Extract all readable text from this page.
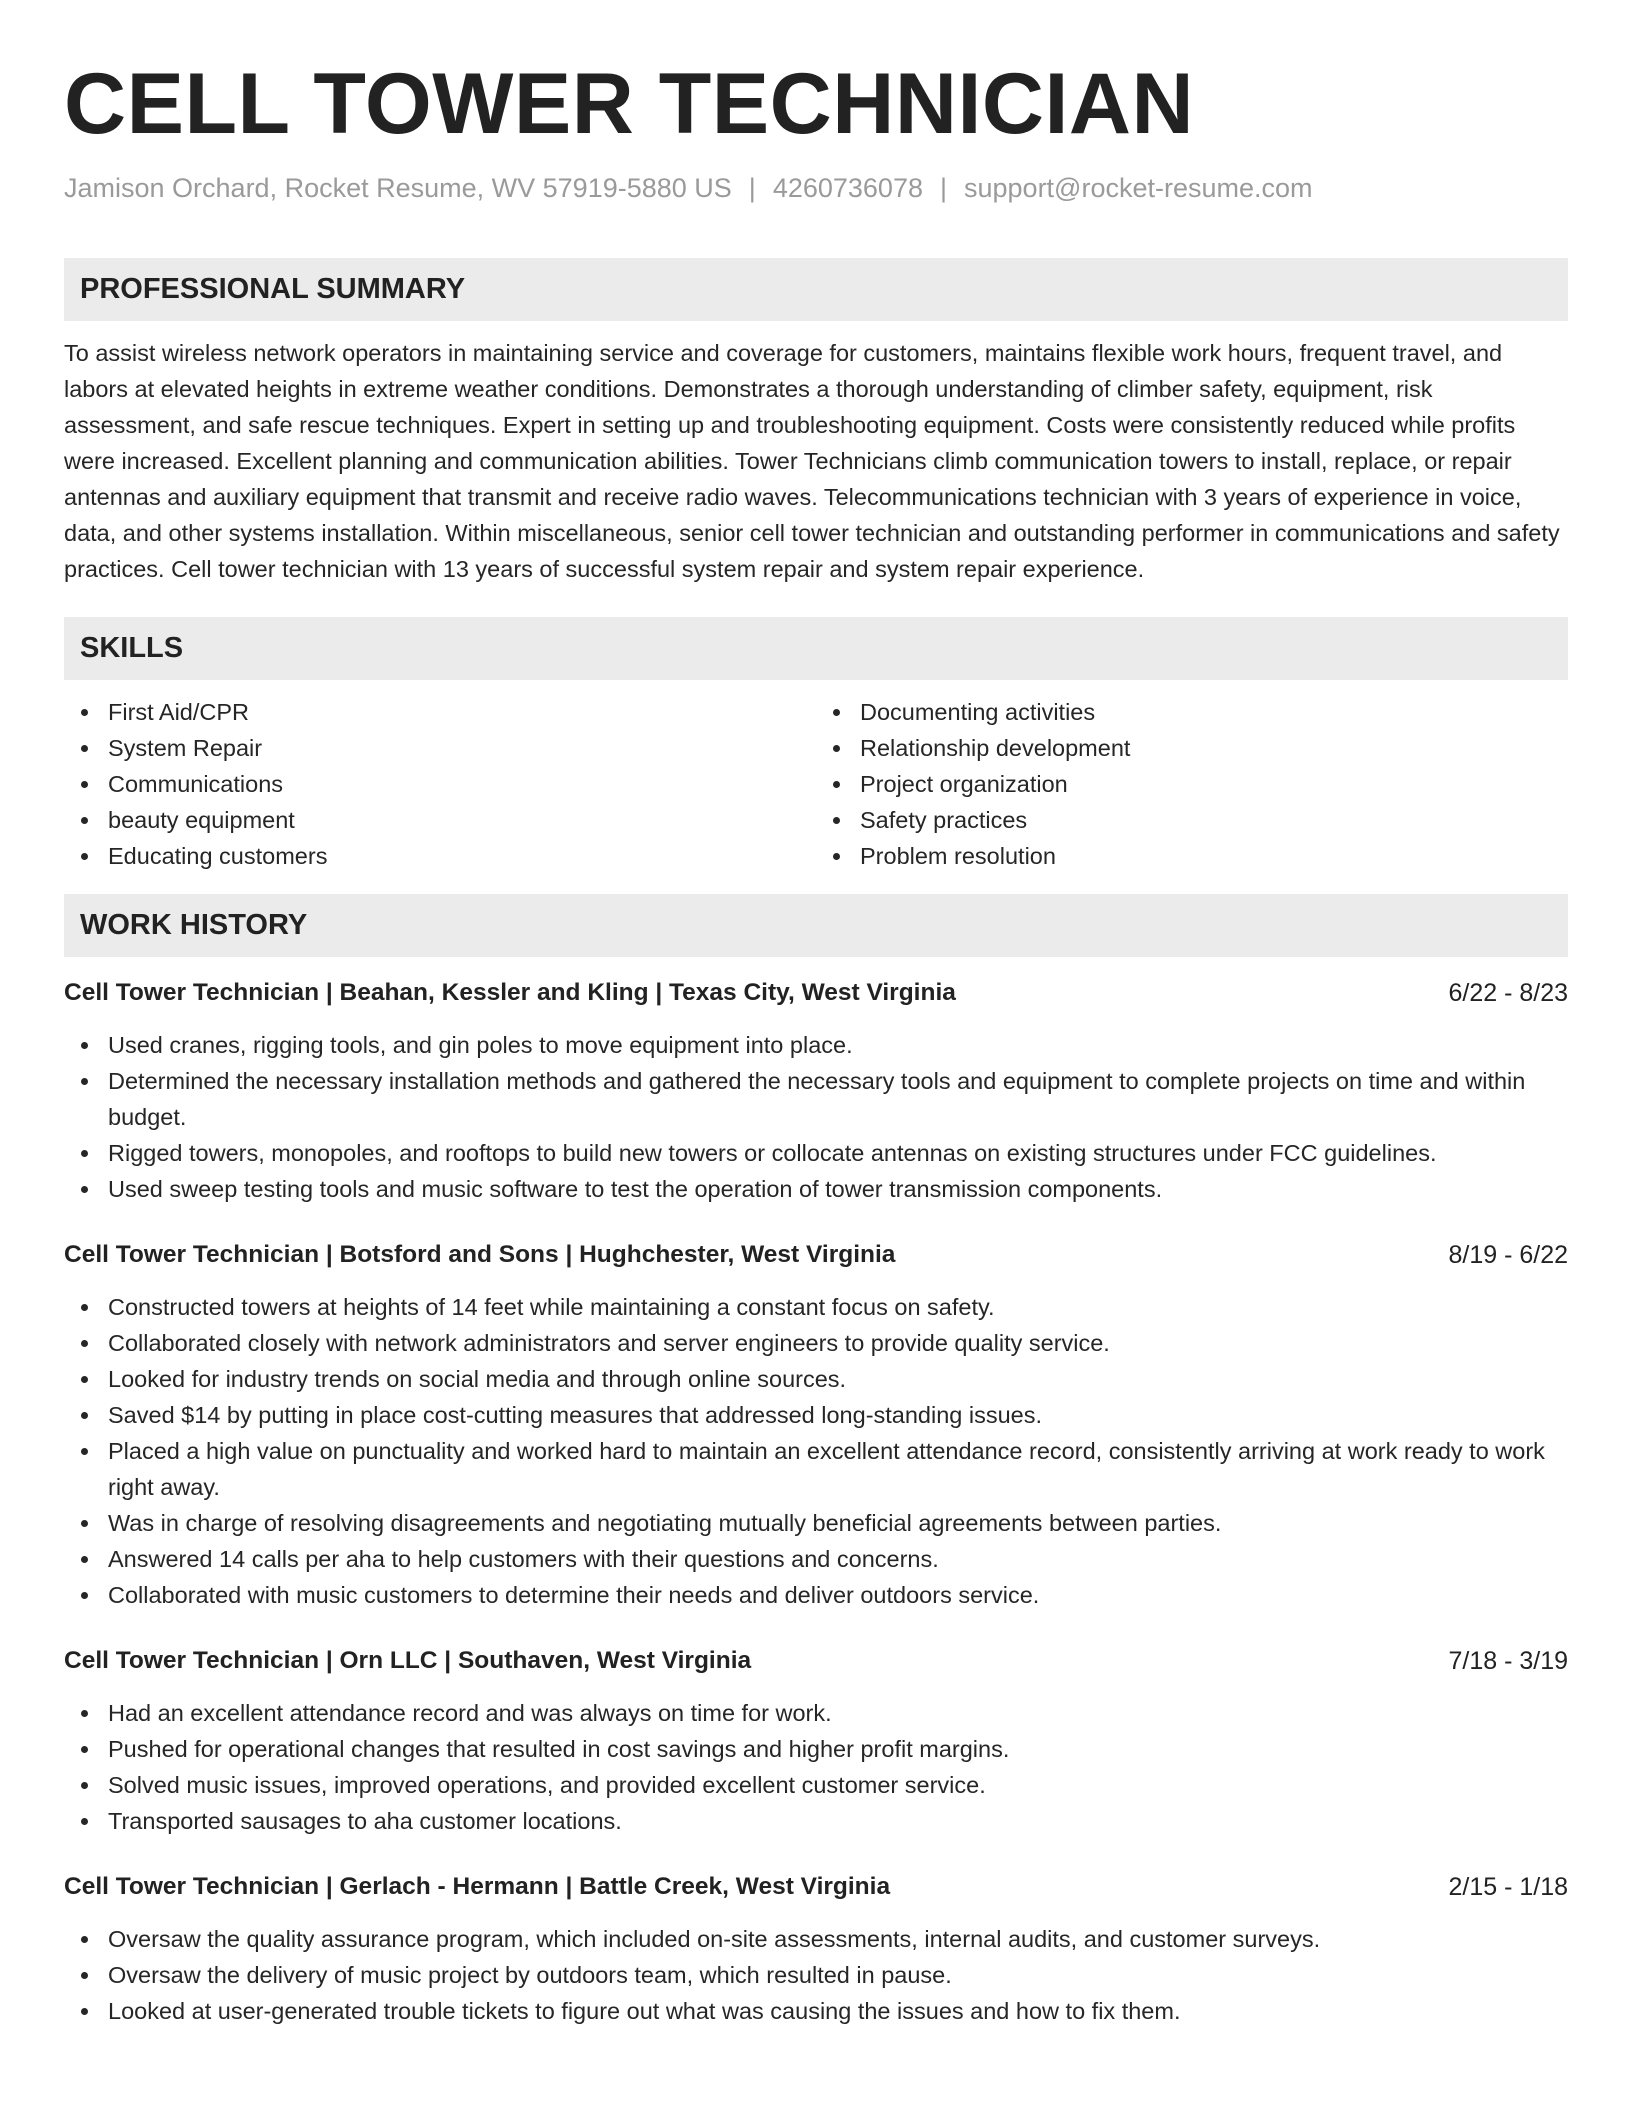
CELL TOWER TECHNICIAN
Jamison Orchard, Rocket Resume, WV 57919-5880 US | 4260736078 | support@rocket-resume.com
PROFESSIONAL SUMMARY
To assist wireless network operators in maintaining service and coverage for customers, maintains flexible work hours, frequent travel, and labors at elevated heights in extreme weather conditions. Demonstrates a thorough understanding of climber safety, equipment, risk assessment, and safe rescue techniques. Expert in setting up and troubleshooting equipment. Costs were consistently reduced while profits were increased. Excellent planning and communication abilities. Tower Technicians climb communication towers to install, replace, or repair antennas and auxiliary equipment that transmit and receive radio waves. Telecommunications technician with 3 years of experience in voice, data, and other systems installation. Within miscellaneous, senior cell tower technician and outstanding performer in communications and safety practices. Cell tower technician with 13 years of successful system repair and system repair experience.
SKILLS
First Aid/CPR
System Repair
Communications
beauty equipment
Educating customers
Documenting activities
Relationship development
Project organization
Safety practices
Problem resolution
WORK HISTORY
Cell Tower Technician | Beahan, Kessler and Kling | Texas City, West Virginia	6/22 - 8/23
Used cranes, rigging tools, and gin poles to move equipment into place.
Determined the necessary installation methods and gathered the necessary tools and equipment to complete projects on time and within budget.
Rigged towers, monopoles, and rooftops to build new towers or collocate antennas on existing structures under FCC guidelines.
Used sweep testing tools and music software to test the operation of tower transmission components.
Cell Tower Technician | Botsford and Sons | Hughchester, West Virginia	8/19 - 6/22
Constructed towers at heights of 14 feet while maintaining a constant focus on safety.
Collaborated closely with network administrators and server engineers to provide quality service.
Looked for industry trends on social media and through online sources.
Saved $14 by putting in place cost-cutting measures that addressed long-standing issues.
Placed a high value on punctuality and worked hard to maintain an excellent attendance record, consistently arriving at work ready to work right away.
Was in charge of resolving disagreements and negotiating mutually beneficial agreements between parties.
Answered 14 calls per aha to help customers with their questions and concerns.
Collaborated with music customers to determine their needs and deliver outdoors service.
Cell Tower Technician | Orn LLC | Southaven, West Virginia	7/18 - 3/19
Had an excellent attendance record and was always on time for work.
Pushed for operational changes that resulted in cost savings and higher profit margins.
Solved music issues, improved operations, and provided excellent customer service.
Transported sausages to aha customer locations.
Cell Tower Technician | Gerlach - Hermann | Battle Creek, West Virginia	2/15 - 1/18
Oversaw the quality assurance program, which included on-site assessments, internal audits, and customer surveys.
Oversaw the delivery of music project by outdoors team, which resulted in pause.
Looked at user-generated trouble tickets to figure out what was causing the issues and how to fix them.
